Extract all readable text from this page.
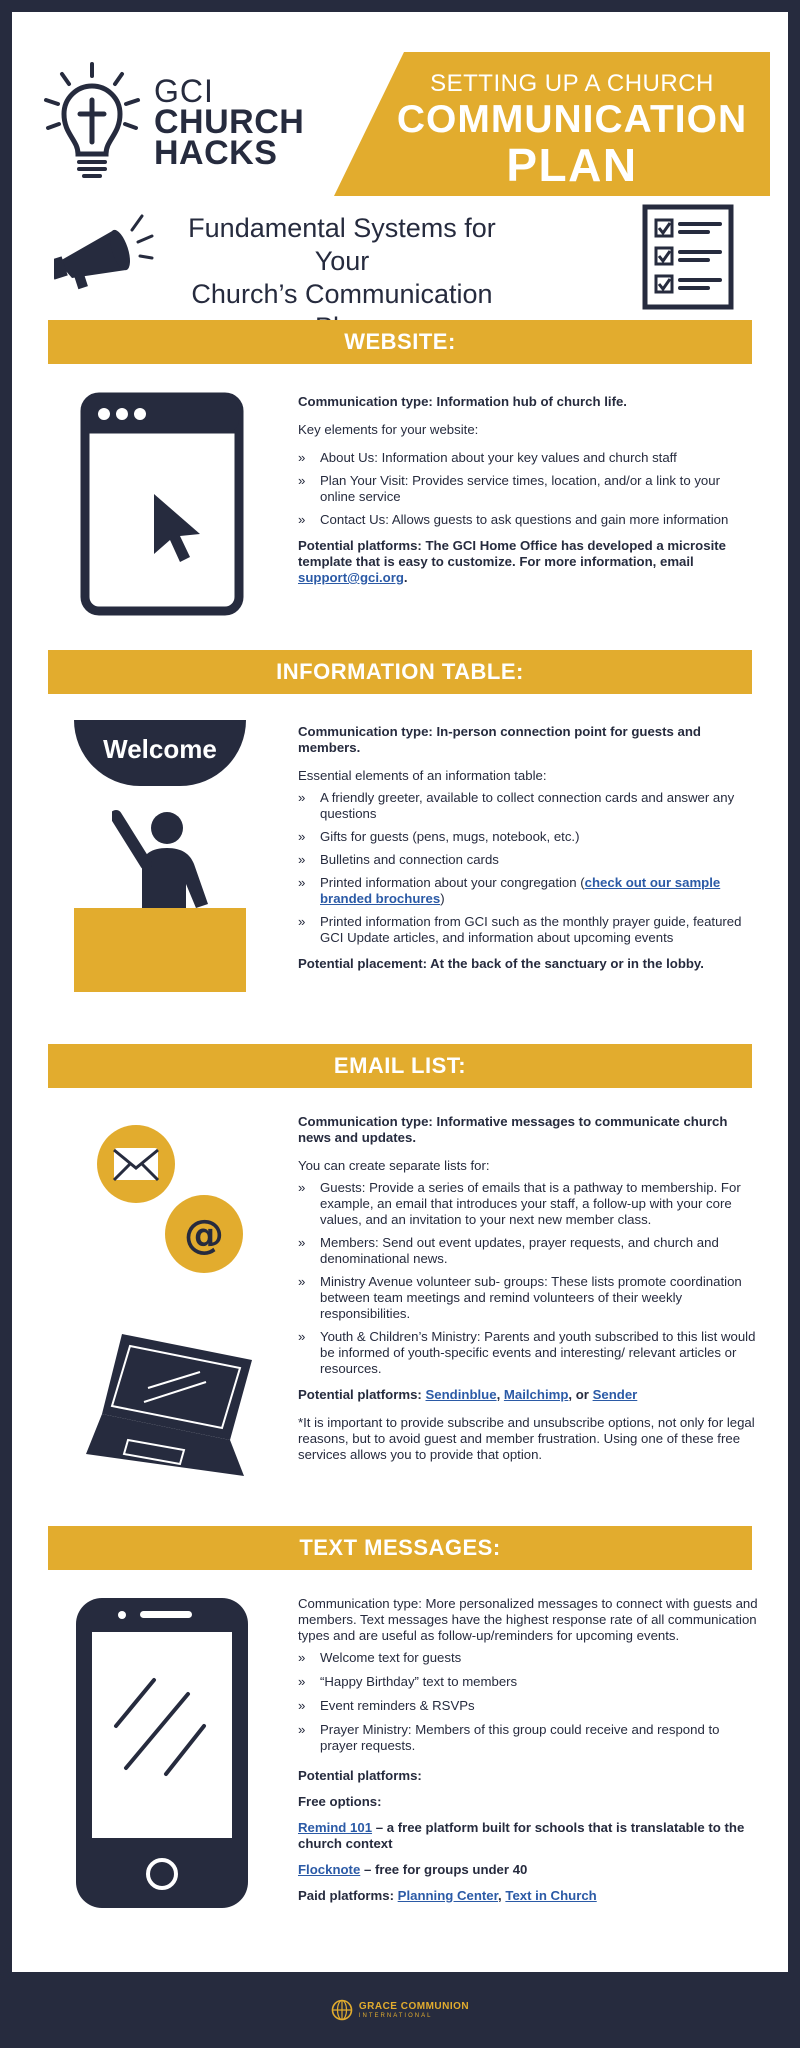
GCI
CHURCH
HACKS
SETTING UP A CHURCH
COMMUNICATION
PLAN
Fundamental Systems for Your
Church’s Communication
WEBSITE:

Communication type: Information hub of church life.

Key elements for your website:

» About Us: Information about your key values and church staff
» Plan Your Visit: Provides service times, location, and/or a link to your online service
» Contact Us: Allows guests to ask questions and gain more information

Potential platforms: The GCI Home Office has developed a microsite template that is easy to customize. For more information, email support@gci.org.

INFORMATION TABLE:
Welcome

Communication type: In-person connection point for guests and members.

Essential elements of an information table:

» A friendly greeter, available to collect connection cards and answer any questions
» Gifts for guests (pens, mugs, notebook, etc.)
» Bulletins and connection cards
» Printed information about your congregation (check out our sample branded brochures)
» Printed information from GCI such as the monthly prayer guide, featured GCI Update articles, and information about upcoming events

Potential placement: At the back of the sanctuary or in the lobby.

EMAIL LIST:
@

Communication type: Informative messages to communicate church news and updates.

You can create separate lists for:

» Guests: Provide a series of emails that is a pathway to membership. For example, an email that introduces your staff, a follow-up with your core values, and an invitation to your next new member class.
» Members: Send out event updates, prayer requests, and church and denominational news.
» Ministry Avenue volunteer sub- groups: These lists promote coordination between team meetings and remind volunteers of their weekly responsibilities.
» Youth & Children’s Ministry: Parents and youth subscribed to this list would be informed of youth-specific events and interesting/ relevant articles or resources.

Potential platforms: Sendinblue, Mailchimp, or Sender

*It is important to provide subscribe and unsubscribe options, not only for legal reasons, but to avoid guest and member frustration. Using one of these free services allows you to provide that option.

TEXT MESSAGES:

Communication type: More personalized messages to connect with guests and members. Text messages have the highest response rate of all communication types and are useful as follow-up/reminders for upcoming events.

» Welcome text for guests
» “Happy Birthday” text to members
» Event reminders & RSVPs
» Prayer Ministry: Members of this group could receive and respond to prayer requests.

Potential platforms:

Free options:

Remind 101 – a free platform built for schools that is translatable to the church context

Flocknote – free for groups under 40

Paid platforms: Planning Center, Text in Church

GRACE COMMUNION
INTERNATIONAL
